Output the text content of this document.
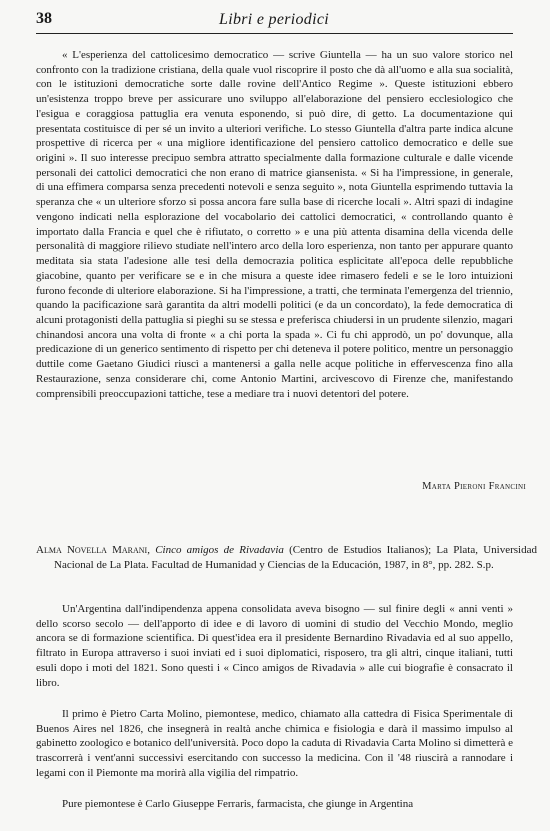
38	Libri e periodici

« L'esperienza del cattolicesimo democratico — scrive Giuntella — ha un suo valore storico nel confronto con la tradizione cristiana, della quale vuol riscoprire il posto che dà all'uomo e alla sua socialità, con le istituzioni democratiche sorte dalle rovine dell'Antico Regime ». Queste istituzioni ebbero un'esistenza troppo breve per assicurare uno sviluppo all'elaborazione del pensiero ecclesiologico che l'esigua e coraggiosa pattuglia era venuta esponendo, si può dire, di getto. La documentazione qui presentata costituisce di per sé un invito a ulteriori verifiche. Lo stesso Giuntella d'altra parte indica alcune prospettive di ricerca per « una migliore identificazione del pensiero cattolico democratico e delle sue origini ». Il suo interesse precipuo sembra attratto specialmente dalla formazione culturale e dalle vicende personali dei cattolici democratici che non erano di matrice giansenista. « Si ha l'impressione, in generale, di una effimera comparsa senza precedenti notevoli e senza seguito », nota Giuntella esprimendo tuttavia la speranza che « un ulteriore sforzo si possa ancora fare sulla base di ricerche locali ». Altri spazi di indagine vengono indicati nella esplorazione del vocabolario dei cattolici democratici, « controllando quanto è importato dalla Francia e quel che è rifiutato, o corretto » e una più attenta disamina della vicenda delle personalità di maggiore rilievo studiate nell'intero arco della loro esperienza, non tanto per appurare quanto meditata sia stata l'adesione alle tesi della democrazia politica esplicitate all'epoca delle repubbliche giacobine, quanto per verificare se e in che misura a queste idee rimasero fedeli e se le loro intuizioni furono feconde di ulteriore elaborazione. Si ha l'impressione, a tratti, che terminata l'emergenza del triennio, quando la pacificazione sarà garantita da altri modelli politici (e da un concordato), la fede democratica di alcuni protagonisti della pattuglia si pieghi su se stessa e preferisca chiudersi in un prudente silenzio, magari chinandosi ancora una volta di fronte « a chi porta la spada ». Ci fu chi approdò, un po' dovunque, alla predicazione di un generico sentimento di rispetto per chi deteneva il potere politico, mentre un personaggio duttile come Gaetano Giudici riuscì a mantenersi a galla nelle acque politiche in effervescenza fino alla Restaurazione, senza considerare chi, come Antonio Martini, arcivescovo di Firenze che, manifestando comprensibili preoccupazioni tattiche, tese a mediare tra i nuovi detentori del potere.

Marta Pieroni Francini

Alma Novella Marani, Cinco amigos de Rivadavia (Centro de Estudios Italianos); La Plata, Universidad Nacional de La Plata. Facultad de Humanidad y Ciencias de la Educación, 1987, in 8°, pp. 282. S.p.

Un'Argentina dall'indipendenza appena consolidata aveva bisogno — sul finire degli « anni venti » dello scorso secolo — dell'apporto di idee e di lavoro di uomini di studio del Vecchio Mondo, meglio ancora se di formazione scientifica. Di quest'idea era il presidente Bernardino Rivadavia ed al suo appello, filtrato in Europa attraverso i suoi inviati ed i suoi diplomatici, risposero, tra gli altri, cinque italiani, tutti esuli dopo i moti del 1821. Sono questi i « Cinco amigos de Rivadavia » alle cui biografie è consacrato il libro.

Il primo è Pietro Carta Molino, piemontese, medico, chiamato alla cattedra di Fisica Sperimentale di Buenos Aires nel 1826, che insegnerà in realtà anche chimica e fisiologia e darà il massimo impulso al gabinetto zoologico e botanico dell'università. Poco dopo la caduta di Rivadavia Carta Molino si dimetterà e trascorrerà i vent'anni successivi esercitando con successo la medicina. Con il '48 riuscirà a rannodare i legami con il Piemonte ma morirà alla vigilia del rimpatrio.

Pure piemontese è Carlo Giuseppe Ferraris, farmacista, che giunge in Argentina
